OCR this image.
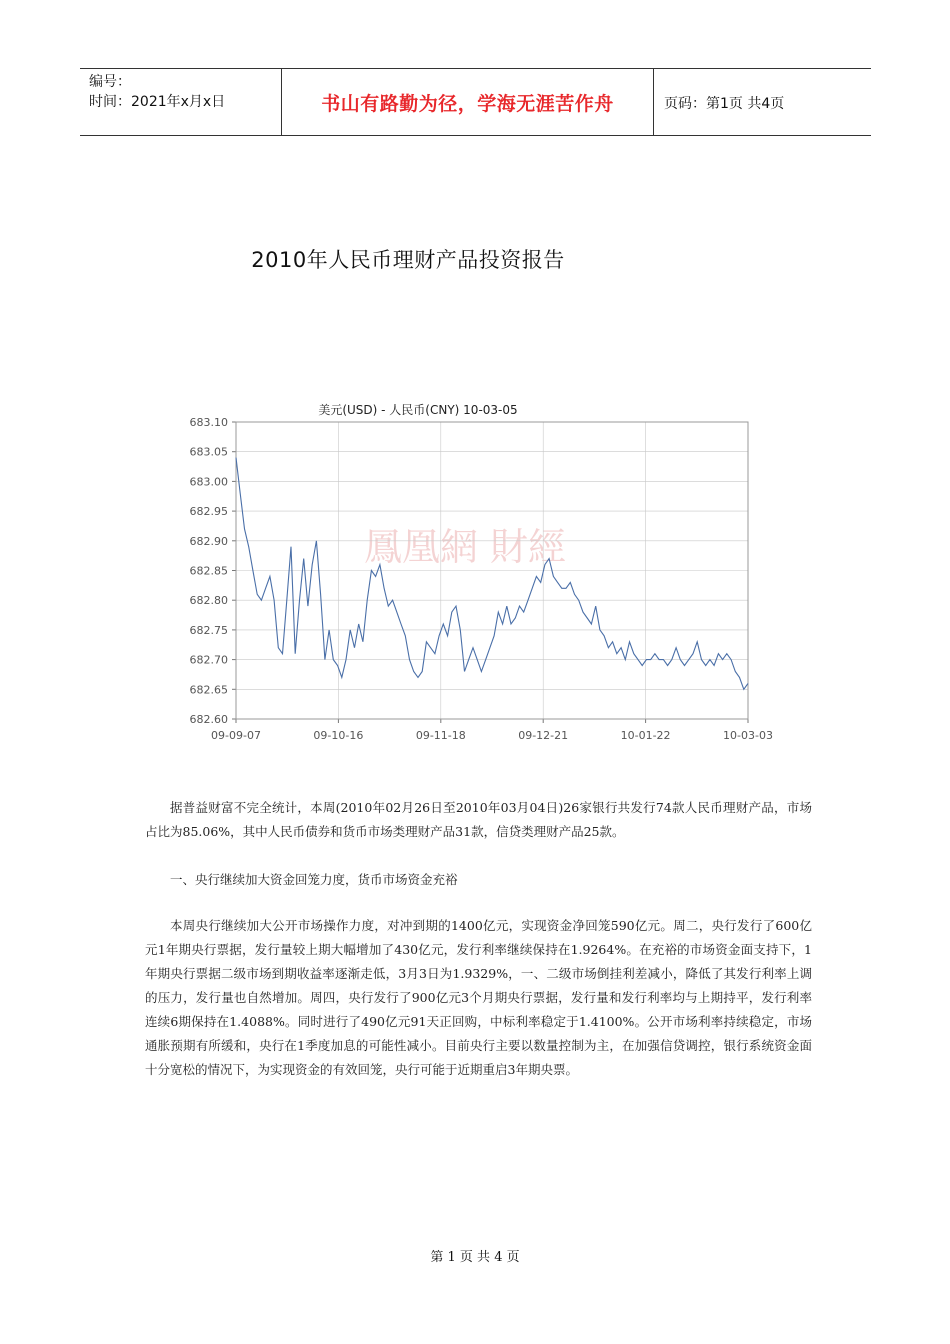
编号：
时间：2021年x月x日	书山有路勤为径，学海无涯苦作舟	页码：第1页 共4页
2010年人民币理财产品投资报告
美元(USD) - 人民币(CNY) 10-03-05
鳳凰網 財經
683.10
683.05
683.00
682.95
682.90
682.85
682.80
682.75
682.70
682.65
682.60
09-09-07	09-10-16	09-11-18	09-12-21	10-01-22	10-03-03
据普益财富不完全统计，本周(2010年02月26日至2010年03月04日)26家银行共发行74款人民币理财产品，市场占比为85.06%，其中人民币债券和货币市场类理财产品31款，信贷类理财产品25款。
一、央行继续加大资金回笼力度，货币市场资金充裕
本周央行继续加大公开市场操作力度，对冲到期的1400亿元，实现资金净回笼590亿元。周二，央行发行了600亿元1年期央行票据，发行量较上期大幅增加了430亿元，发行利率继续保持在1.9264%。在充裕的市场资金面支持下，1年期央行票据二级市场到期收益率逐渐走低，3月3日为1.9329%，一、二级市场倒挂利差减小，降低了其发行利率上调的压力，发行量也自然增加。周四，央行发行了900亿元3个月期央行票据，发行量和发行利率均与上期持平，发行利率连续6期保持在1.4088%。同时进行了490亿元91天正回购，中标利率稳定于1.4100%。公开市场利率持续稳定，市场通胀预期有所缓和，央行在1季度加息的可能性减小。目前央行主要以数量控制为主，在加强信贷调控，银行系统资金面十分宽松的情况下，为实现资金的有效回笼，央行可能于近期重启3年期央票。
第 1 页 共 4 页
